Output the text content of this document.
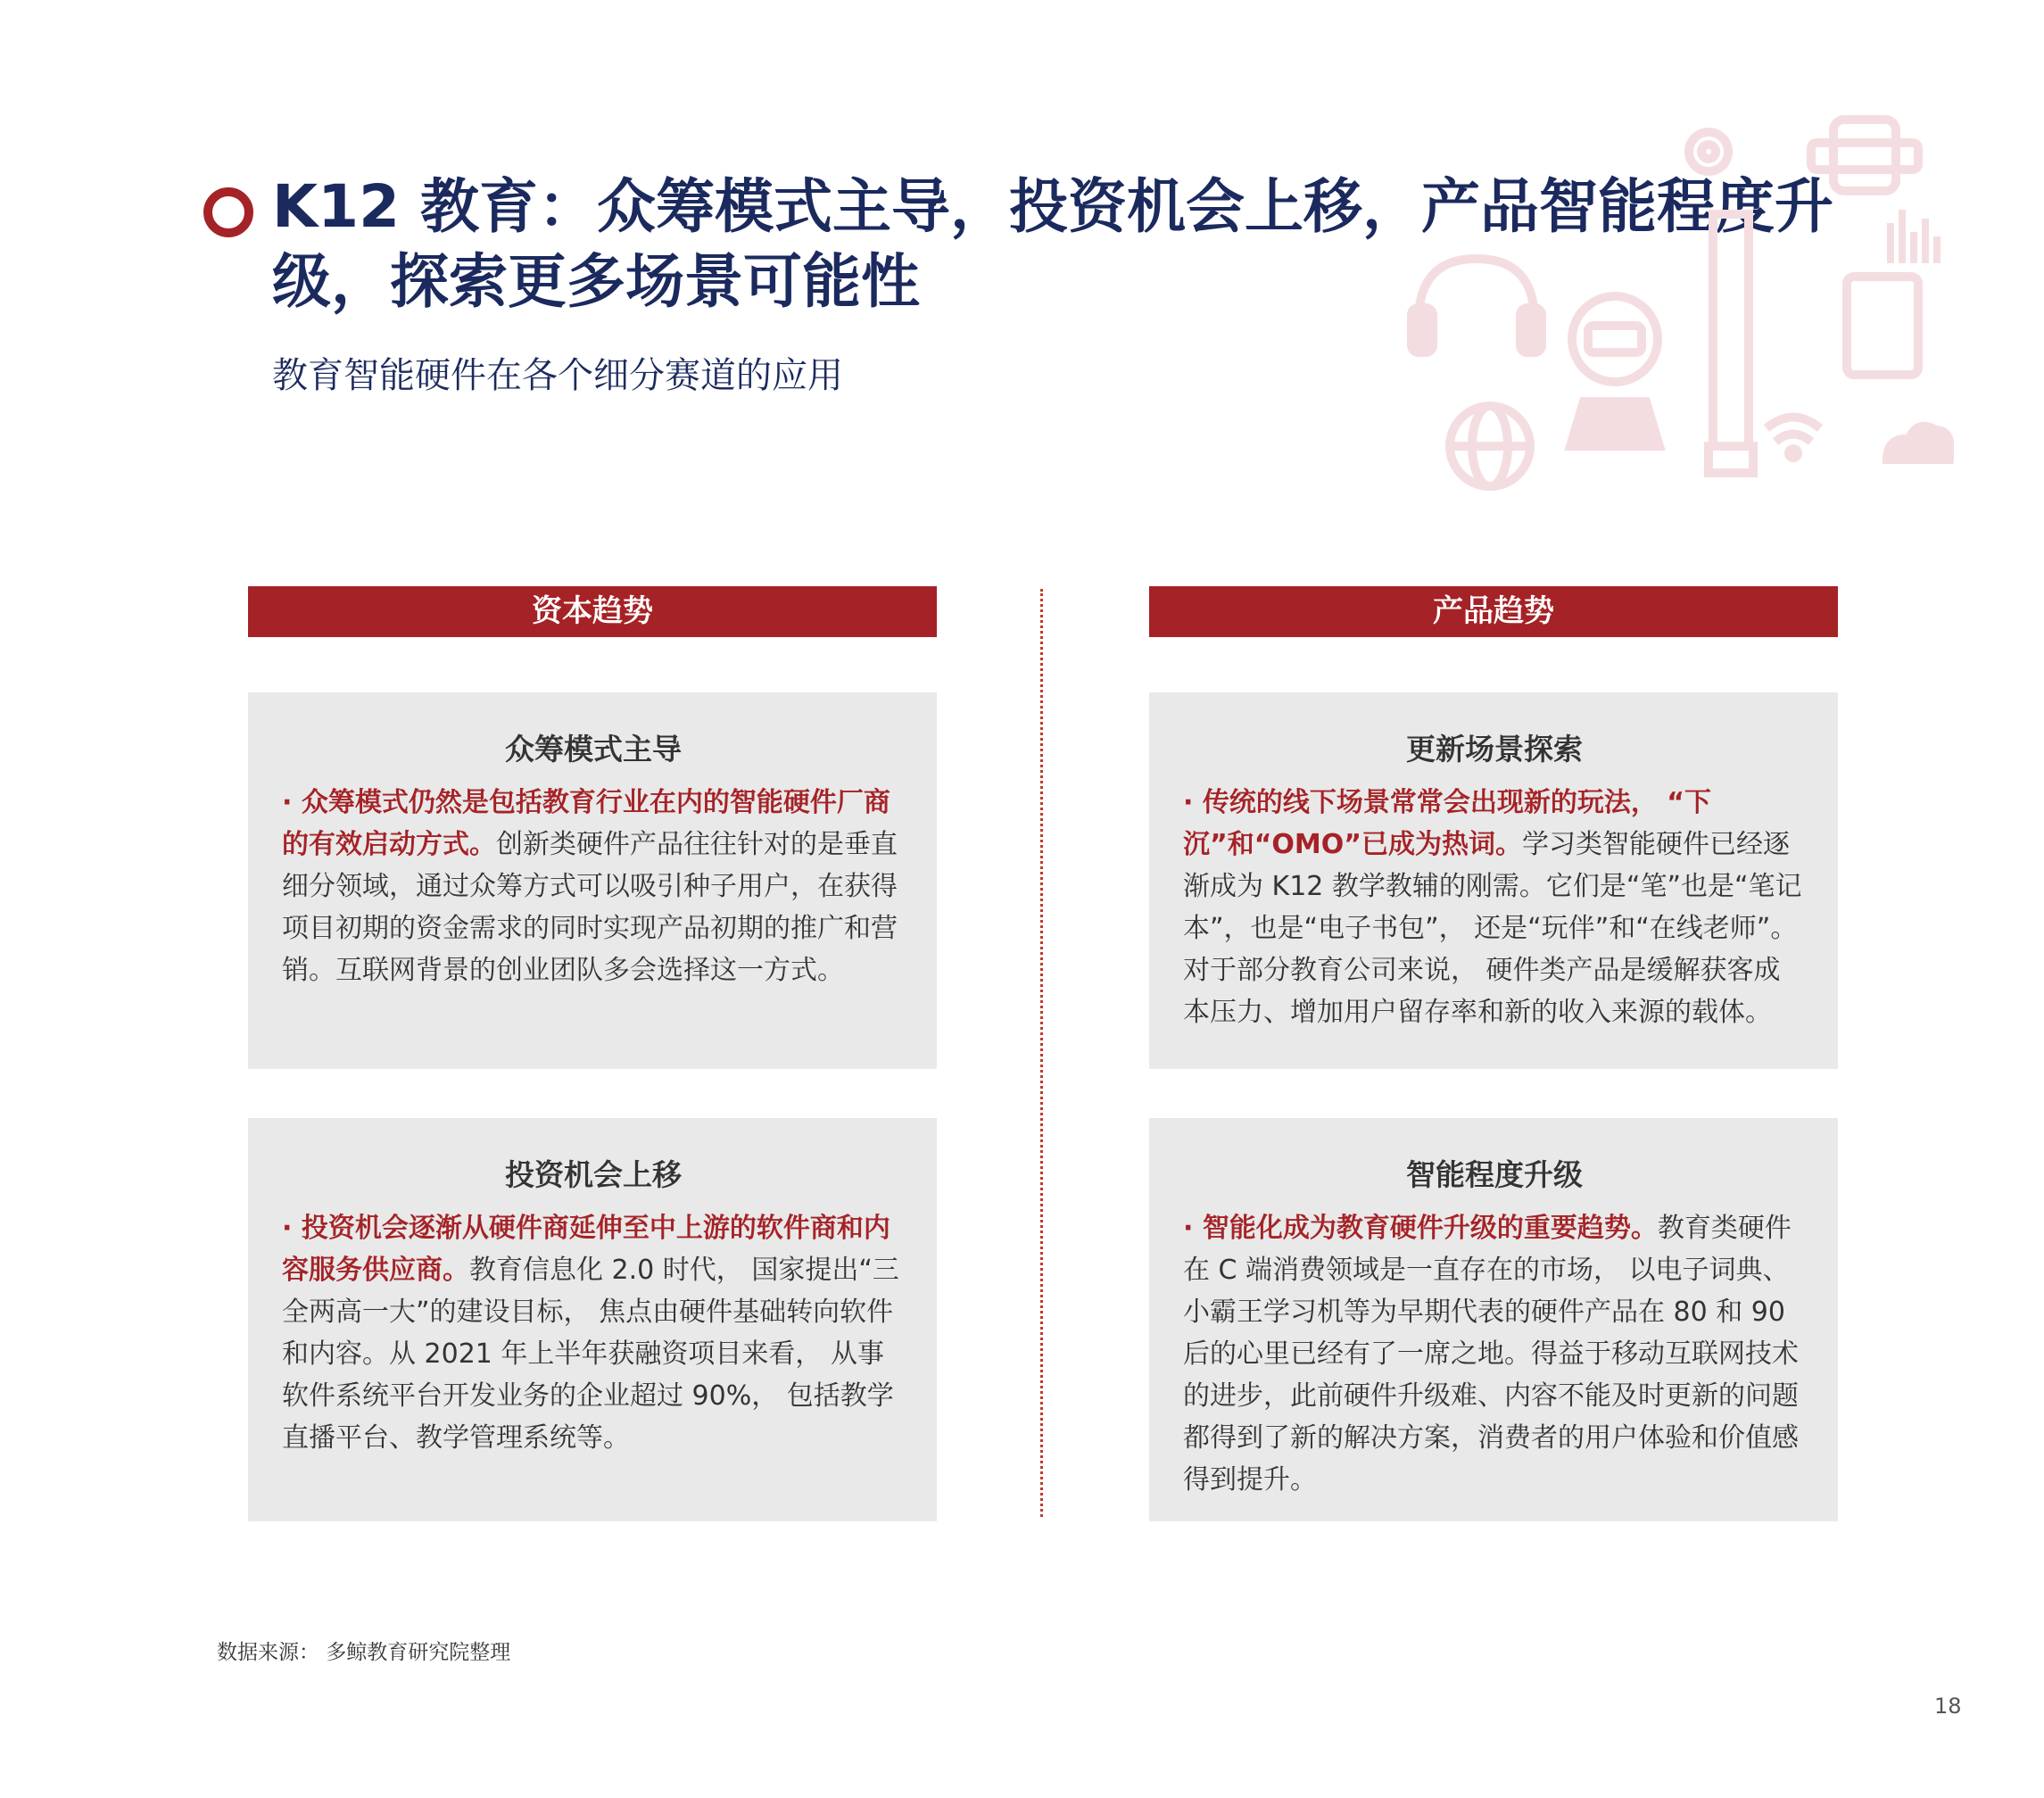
K12 教育：众筹模式主导，投资机会上移，产品智能程度升级，探索更多场景可能性
教育智能硬件在各个细分赛道的应用
资本趋势	产品趋势
众筹模式主导
· 众筹模式仍然是包括教育行业在内的智能硬件厂商的有效启动方式。创新类硬件产品往往针对的是垂直细分领域，通过众筹方式可以吸引种子用户，在获得项目初期的资金需求的同时实现产品初期的推广和营销。互联网背景的创业团队多会选择这一方式。
投资机会上移
· 投资机会逐渐从硬件商延伸至中上游的软件商和内容服务供应商。教育信息化 2.0 时代， 国家提出“三全两高一大”的建设目标， 焦点由硬件基础转向软件和内容。从 2021 年上半年获融资项目来看， 从事软件系统平台开发业务的企业超过 90%， 包括教学直播平台、教学管理系统等。
更新场景探索
· 传统的线下场景常常会出现新的玩法， “下沉”和“OMO”已成为热词。学习类智能硬件已经逐渐成为 K12 教学教辅的刚需。它们是“笔”也是“笔记本”，也是“电子书包”， 还是“玩伴”和“在线老师”。对于部分教育公司来说， 硬件类产品是缓解获客成本压力、增加用户留存率和新的收入来源的载体。
智能程度升级
· 智能化成为教育硬件升级的重要趋势。教育类硬件在 C 端消费领域是一直存在的市场， 以电子词典、小霸王学习机等为早期代表的硬件产品在 80 和 90 后的心里已经有了一席之地。得益于移动互联网技术的进步，此前硬件升级难、内容不能及时更新的问题都得到了新的解决方案，消费者的用户体验和价值感得到提升。
数据来源： 多鲸教育研究院整理
18
